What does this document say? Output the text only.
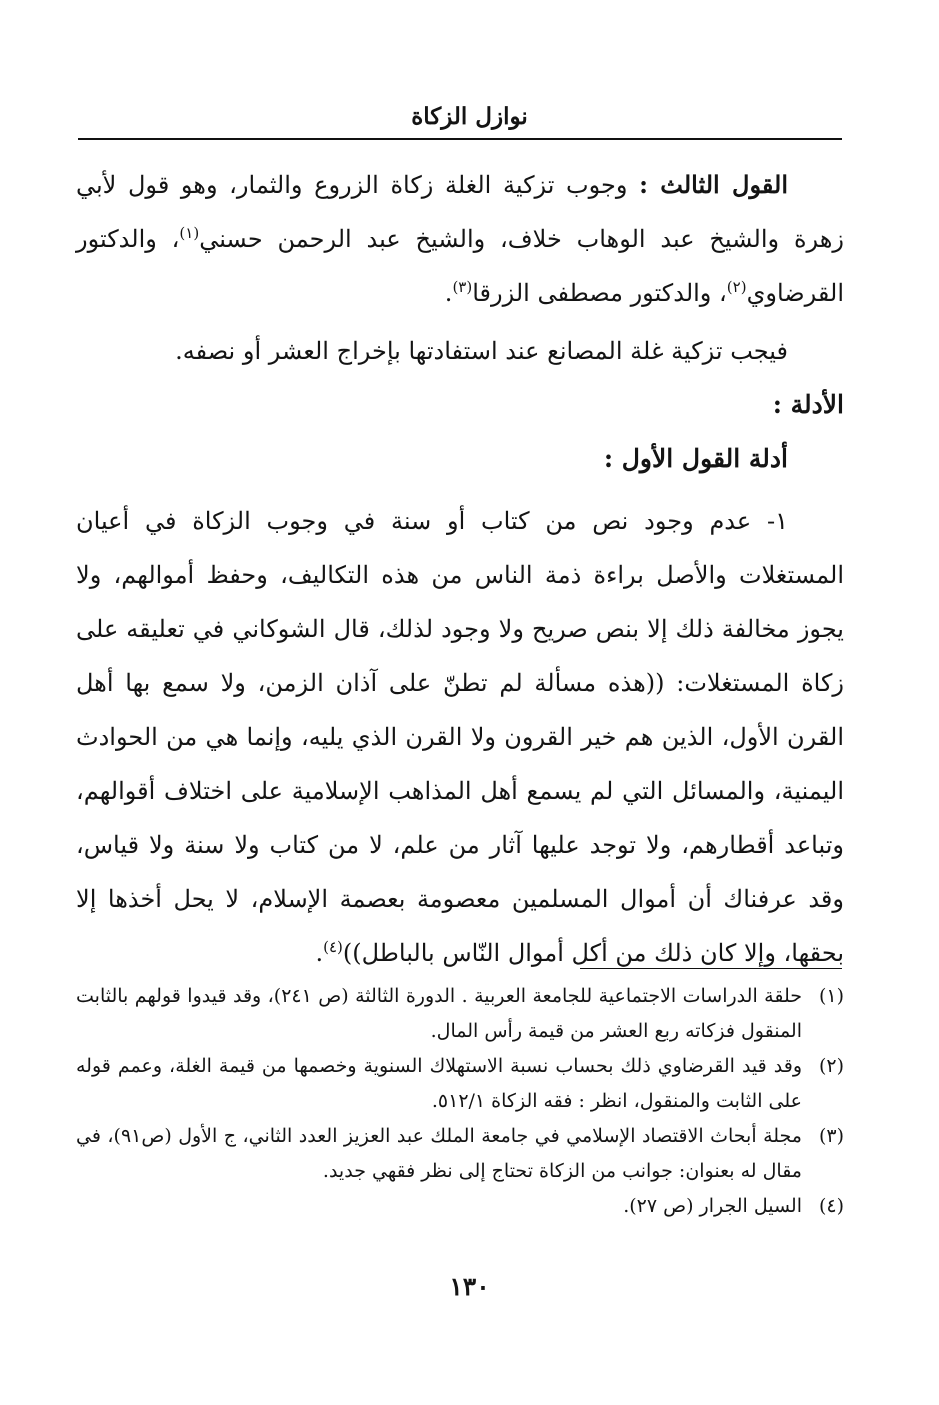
نوازل الزكاة

القول الثالث : وجوب تزكية الغلة زكاة الزروع والثمار، وهو قول لأبي زهرة والشيخ عبد الوهاب خلاف، والشيخ عبد الرحمن حسني$^{(١)}$، والدكتور القرضاوي$^{(٢)}$، والدكتور مصطفى الزرقا$^{(٣)}$.

فيجب تزكية غلة المصانع عند استفادتها بإخراج العشر أو نصفه.

الأدلة :

أدلة القول الأول :

١- عدم وجود نص من كتاب أو سنة في وجوب الزكاة في أعيان المستغلات والأصل براءة ذمة الناس من هذه التكاليف، وحفظ أموالهم، ولا يجوز مخالفة ذلك إلا بنص صريح ولا وجود لذلك، قال الشوكاني في تعليقه على زكاة المستغلات: ((هذه مسألة لم تطنّ على آذان الزمن، ولا سمع بها أهل القرن الأول، الذين هم خير القرون ولا القرن الذي يليه، وإنما هي من الحوادث اليمنية، والمسائل التي لم يسمع أهل المذاهب الإسلامية على اختلاف أقوالهم، وتباعد أقطارهم، ولا توجد عليها آثار من علم، لا من كتاب ولا سنة ولا قياس، وقد عرفناك أن أموال المسلمين معصومة بعصمة الإسلام، لا يحل أخذها إلا بحقها، وإلا كان ذلك من أكل أموال النّاس بالباطل))$^{(٤)}$.

(١)
حلقة الدراسات الاجتماعية للجامعة العربية . الدورة الثالثة (ص ٢٤١)، وقد قيدوا قولهم بالثابت المنقول فزكاته ربع العشر من قيمة رأس المال.

(٢)
وقد قيد القرضاوي ذلك بحساب نسبة الاستهلاك السنوية وخصمها من قيمة الغلة، وعمم قوله على الثابت والمنقول، انظر : فقه الزكاة ٥١٢/١.

(٣)
مجلة أبحاث الاقتصاد الإسلامي في جامعة الملك عبد العزيز العدد الثاني، ج الأول (ص٩١)، في مقال له بعنوان: جوانب من الزكاة تحتاج إلى نظر فقهي جديد.

(٤)
السيل الجرار (ص ٢٧).

١٣٠
